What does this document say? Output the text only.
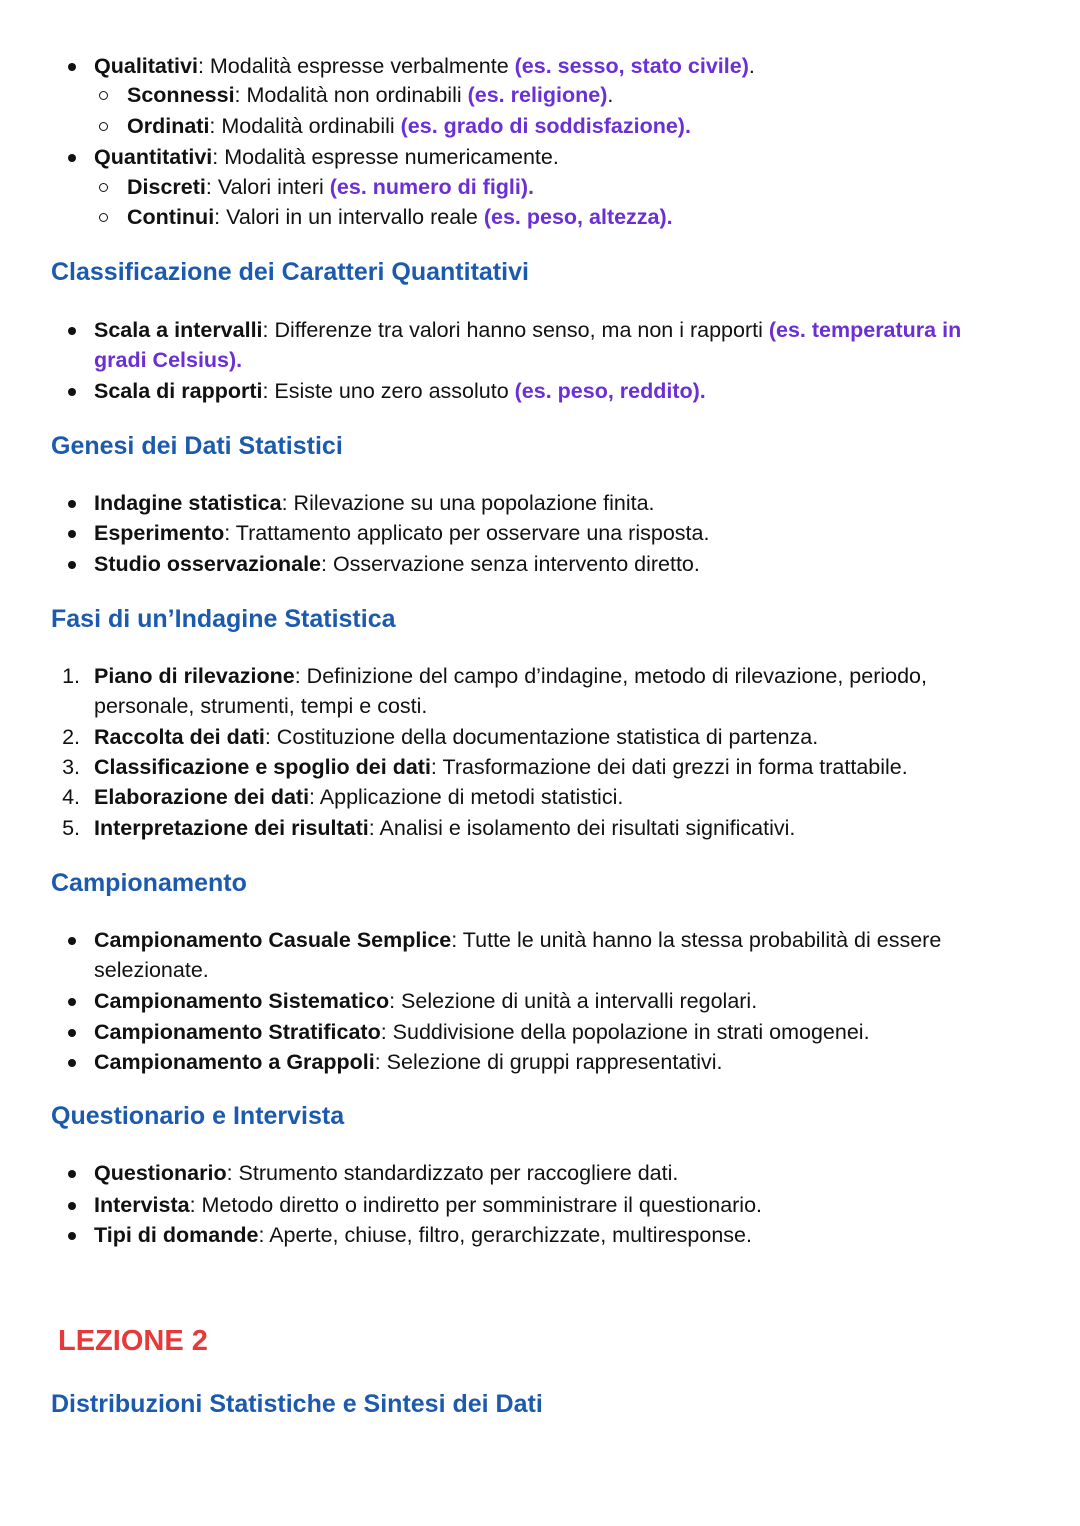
Qualitativi: Modalità espresse verbalmente (es. sesso, stato civile).
Sconnessi: Modalità non ordinabili (es. religione).
Ordinati: Modalità ordinabili (es. grado di soddisfazione).
Quantitativi: Modalità espresse numericamente.
Discreti: Valori interi (es. numero di figli).
Continui: Valori in un intervallo reale (es. peso, altezza).
Classificazione dei Caratteri Quantitativi
Scala a intervalli: Differenze tra valori hanno senso, ma non i rapporti (es. temperatura in
gradi Celsius).
Scala di rapporti: Esiste uno zero assoluto (es. peso, reddito).
Genesi dei Dati Statistici
Indagine statistica: Rilevazione su una popolazione finita.
Esperimento: Trattamento applicato per osservare una risposta.
Studio osservazionale: Osservazione senza intervento diretto.
Fasi di un’Indagine Statistica
1. Piano di rilevazione: Definizione del campo d’indagine, metodo di rilevazione, periodo,
personale, strumenti, tempi e costi.
2. Raccolta dei dati: Costituzione della documentazione statistica di partenza.
3. Classificazione e spoglio dei dati: Trasformazione dei dati grezzi in forma trattabile.
4. Elaborazione dei dati: Applicazione di metodi statistici.
5. Interpretazione dei risultati: Analisi e isolamento dei risultati significativi.
Campionamento
Campionamento Casuale Semplice: Tutte le unità hanno la stessa probabilità di essere
selezionate.
Campionamento Sistematico: Selezione di unità a intervalli regolari.
Campionamento Stratificato: Suddivisione della popolazione in strati omogenei.
Campionamento a Grappoli: Selezione di gruppi rappresentativi.
Questionario e Intervista
Questionario: Strumento standardizzato per raccogliere dati.
Intervista: Metodo diretto o indiretto per somministrare il questionario.
Tipi di domande: Aperte, chiuse, filtro, gerarchizzate, multiresponse.
LEZIONE 2
Distribuzioni Statistiche e Sintesi dei Dati
